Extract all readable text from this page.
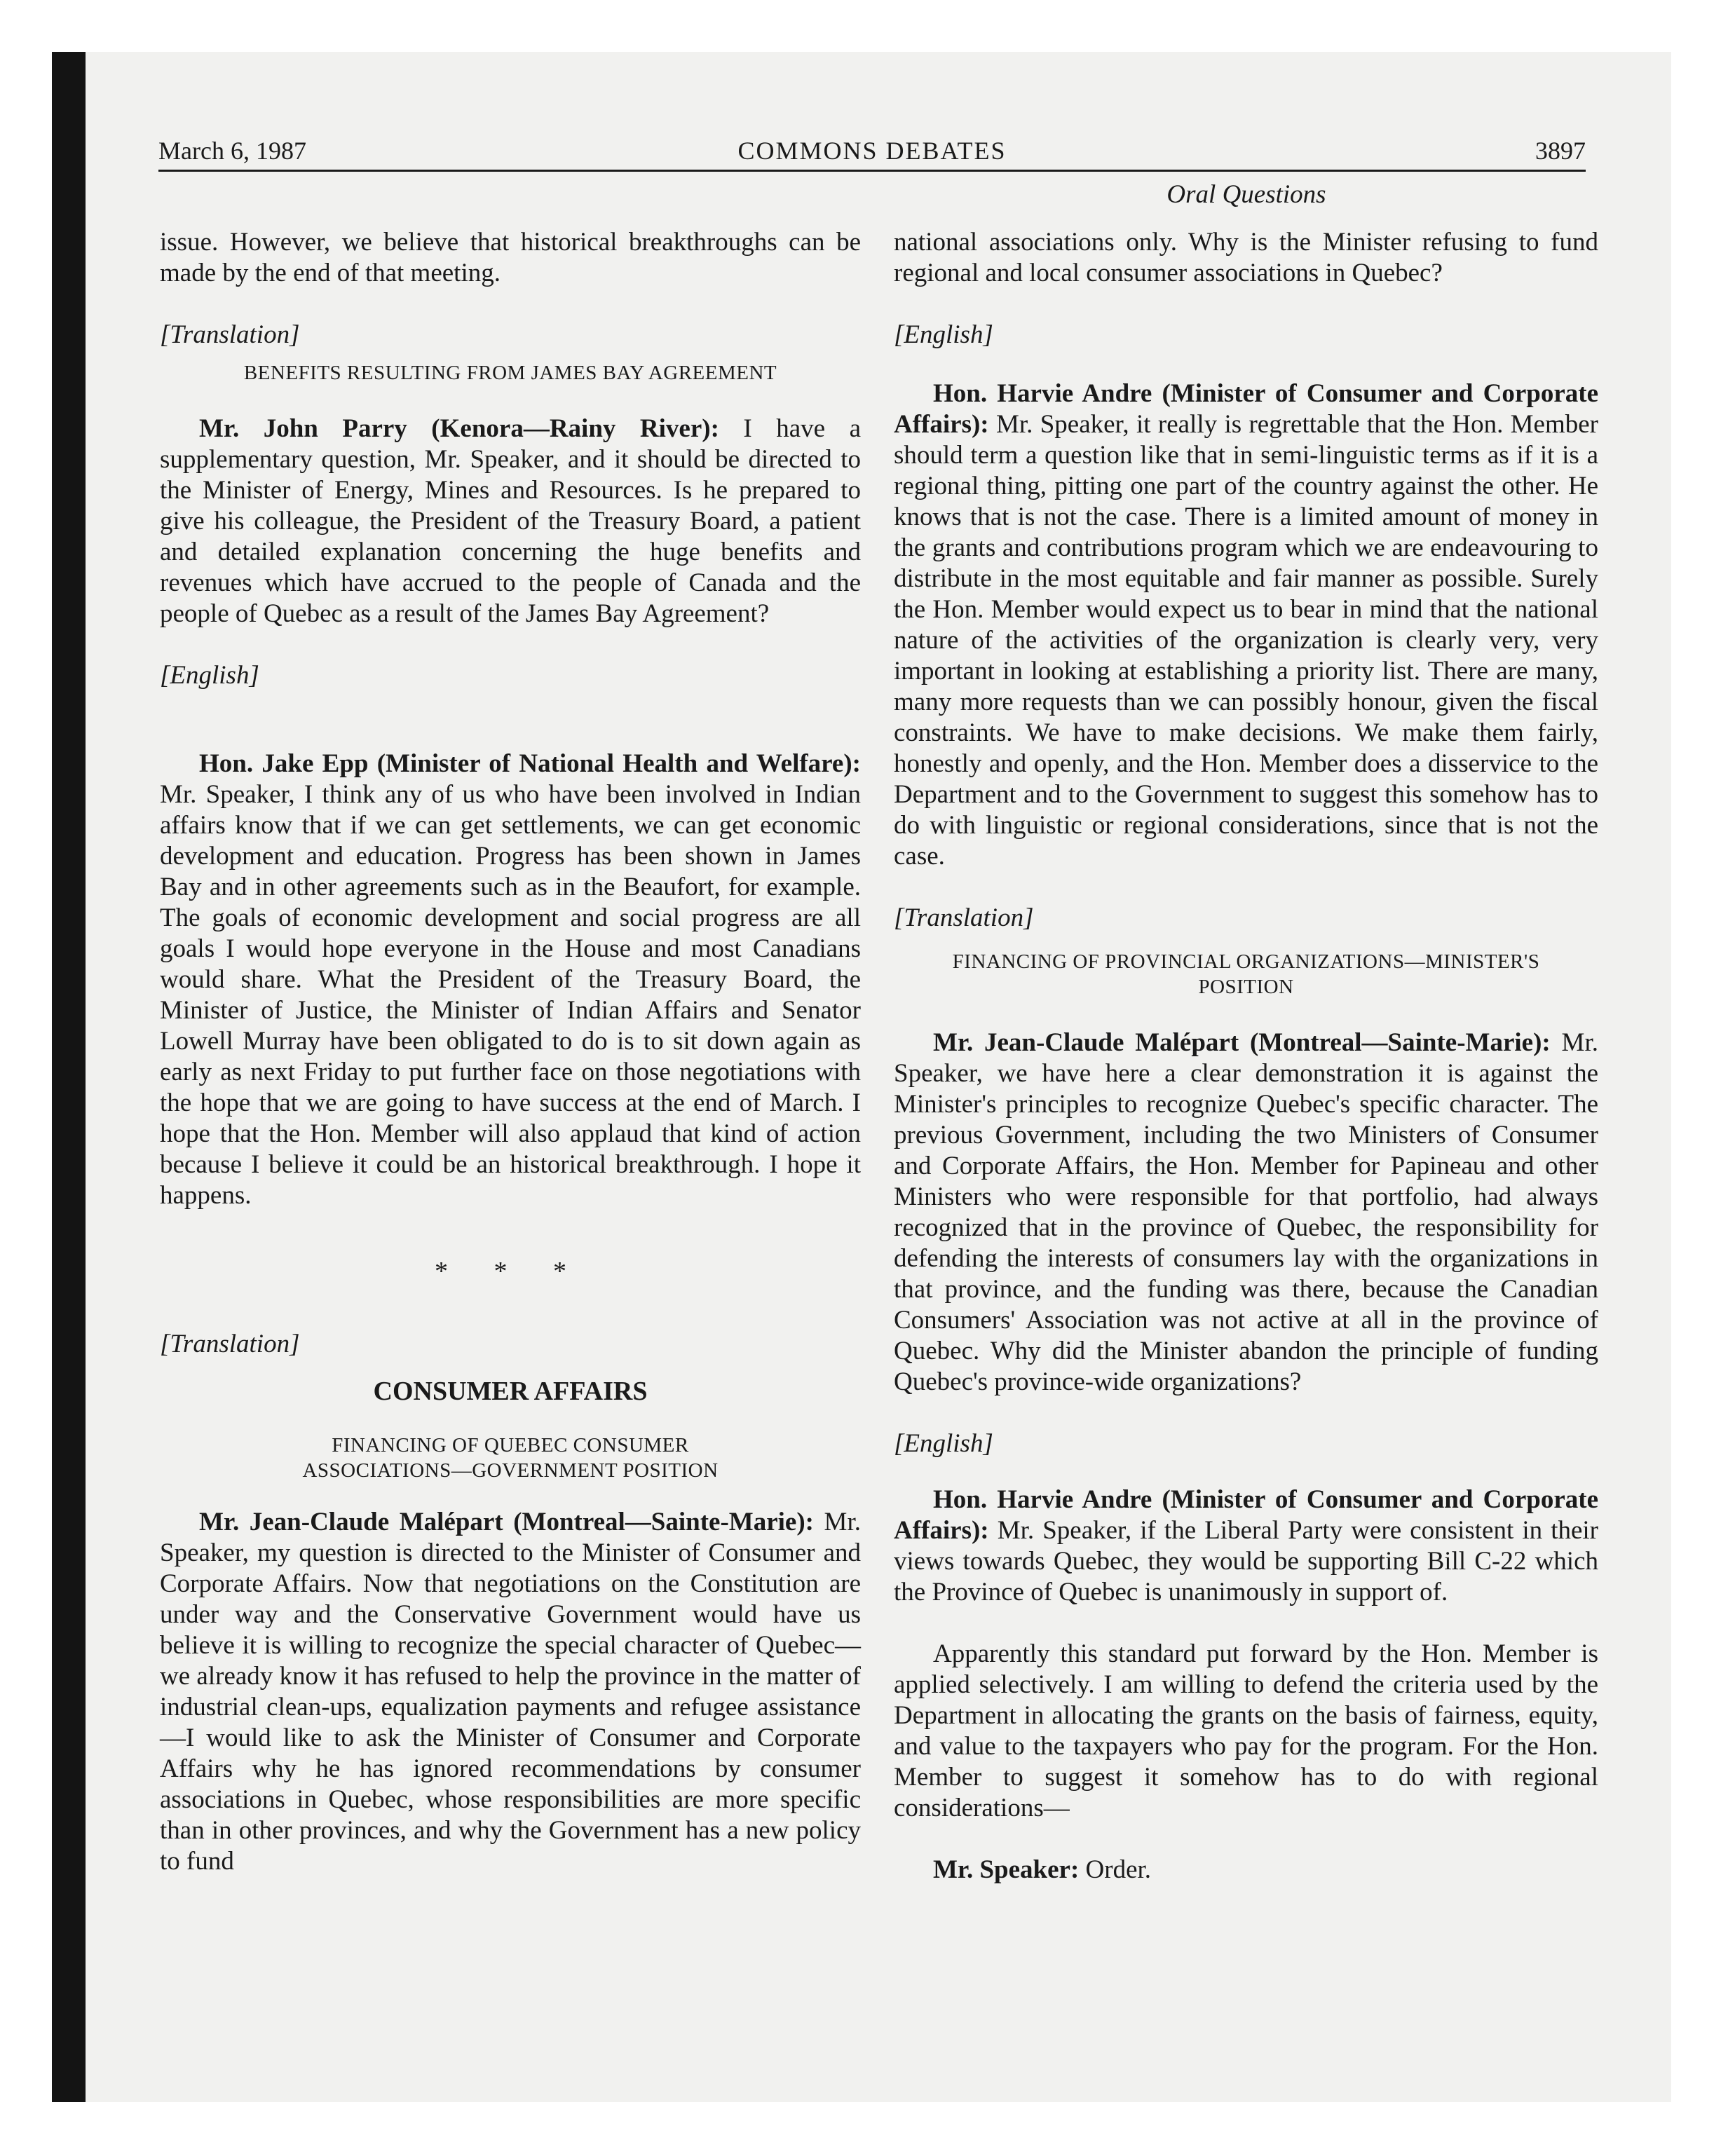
COMMONS DEBATES
March 6, 1987	3897
Oral Questions

issue. However, we believe that historical breakthroughs can be made by the end of that meeting.

[Translation]

BENEFITS RESULTING FROM JAMES BAY AGREEMENT

Mr. John Parry (Kenora—Rainy River): I have a supplementary question, Mr. Speaker, and it should be directed to the Minister of Energy, Mines and Resources. Is he prepared to give his colleague, the President of the Treasury Board, a patient and detailed explanation concerning the huge benefits and revenues which have accrued to the people of Canada and the people of Quebec as a result of the James Bay Agreement?

[English]

Hon. Jake Epp (Minister of National Health and Welfare): Mr. Speaker, I think any of us who have been involved in Indian affairs know that if we can get settlements, we can get economic development and education. Progress has been shown in James Bay and in other agreements such as in the Beaufort, for example. The goals of economic development and social progress are all goals I would hope everyone in the House and most Canadians would share. What the President of the Treasury Board, the Minister of Justice, the Minister of Indian Affairs and Senator Lowell Murray have been obligated to do is to sit down again as early as next Friday to put further face on those negotiations with the hope that we are going to have success at the end of March. I hope that the Hon. Member will also applaud that kind of action because I believe it could be an historical breakthrough. I hope it happens.

* * *

[Translation]

CONSUMER AFFAIRS

FINANCING OF QUEBEC CONSUMER ASSOCIATIONS—GOVERNMENT POSITION

Mr. Jean-Claude Malépart (Montreal—Sainte-Marie): Mr. Speaker, my question is directed to the Minister of Consumer and Corporate Affairs. Now that negotiations on the Constitution are under way and the Conservative Government would have us believe it is willing to recognize the special character of Quebec—we already know it has refused to help the province in the matter of industrial clean-ups, equalization payments and refugee assistance—I would like to ask the Minister of Consumer and Corporate Affairs why he has ignored recommendations by consumer associations in Quebec, whose responsibilities are more specific than in other provinces, and why the Government has a new policy to fund

national associations only. Why is the Minister refusing to fund regional and local consumer associations in Quebec?

[English]

Hon. Harvie Andre (Minister of Consumer and Corporate Affairs): Mr. Speaker, it really is regrettable that the Hon. Member should term a question like that in semi-linguistic terms as if it is a regional thing, pitting one part of the country against the other. He knows that is not the case. There is a limited amount of money in the grants and contributions program which we are endeavouring to distribute in the most equitable and fair manner as possible. Surely the Hon. Member would expect us to bear in mind that the national nature of the activities of the organization is clearly very, very important in looking at establishing a priority list. There are many, many more requests than we can possibly honour, given the fiscal constraints. We have to make decisions. We make them fairly, honestly and openly, and the Hon. Member does a disservice to the Department and to the Government to suggest this somehow has to do with linguistic or regional considerations, since that is not the case.

[Translation]

FINANCING OF PROVINCIAL ORGANIZATIONS—MINISTER'S POSITION

Mr. Jean-Claude Malépart (Montreal—Sainte-Marie): Mr. Speaker, we have here a clear demonstration it is against the Minister's principles to recognize Quebec's specific character. The previous Government, including the two Ministers of Consumer and Corporate Affairs, the Hon. Member for Papineau and other Ministers who were responsible for that portfolio, had always recognized that in the province of Quebec, the responsibility for defending the interests of consumers lay with the organizations in that province, and the funding was there, because the Canadian Consumers' Association was not active at all in the province of Quebec. Why did the Minister abandon the principle of funding Quebec's province-wide organizations?

[English]

Hon. Harvie Andre (Minister of Consumer and Corporate Affairs): Mr. Speaker, if the Liberal Party were consistent in their views towards Quebec, they would be supporting Bill C-22 which the Province of Quebec is unanimously in support of.

Apparently this standard put forward by the Hon. Member is applied selectively. I am willing to defend the criteria used by the Department in allocating the grants on the basis of fairness, equity, and value to the taxpayers who pay for the program. For the Hon. Member to suggest it somehow has to do with regional considerations—

Mr. Speaker: Order.
